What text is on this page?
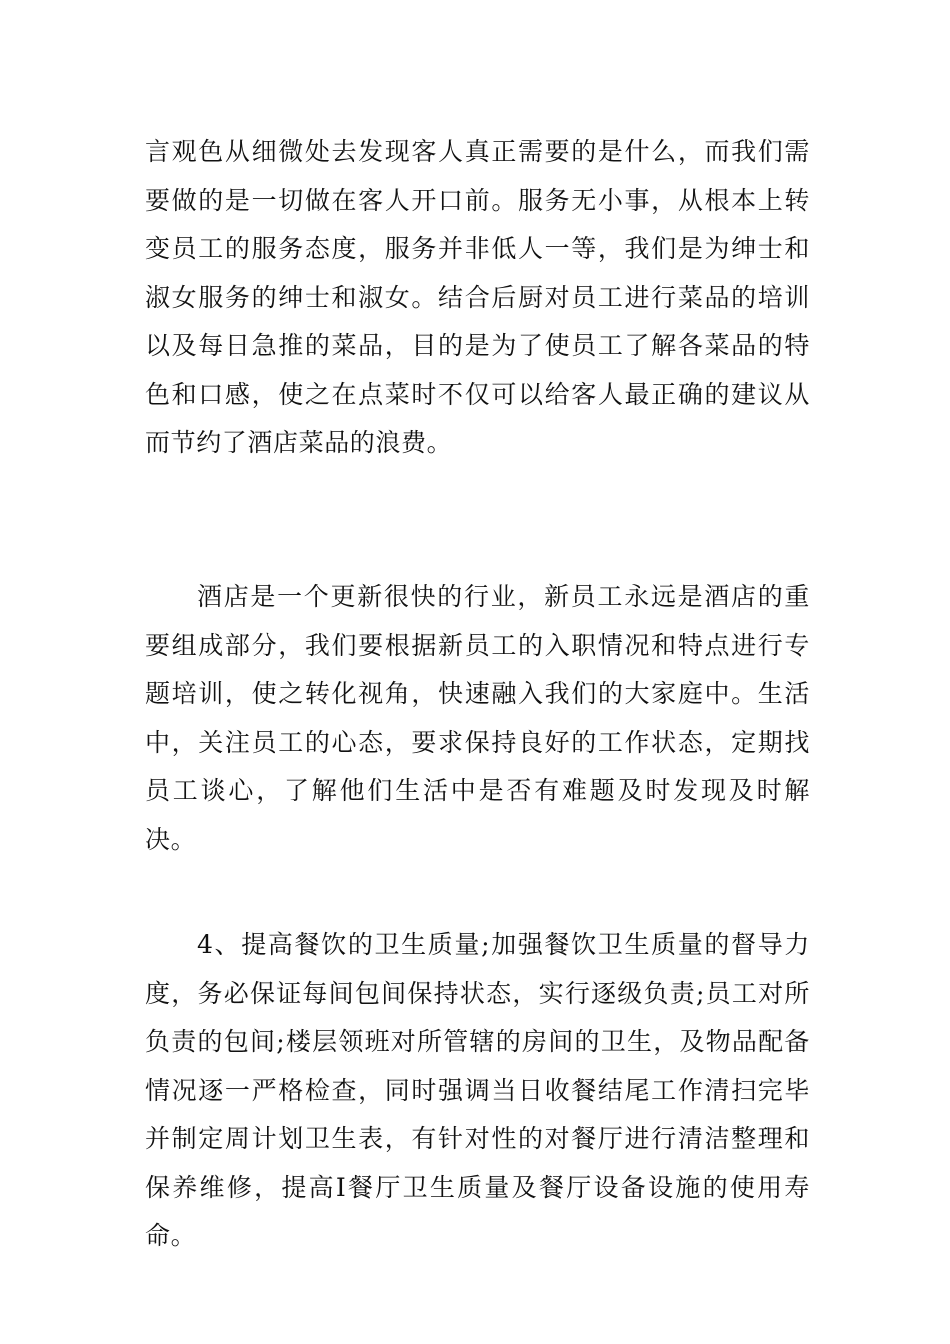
言观色从细微处去发现客人真正需要的是什么，而我们需要做的是一切做在客人开口前。服务无小事，从根本上转变员工的服务态度，服务并非低人一等，我们是为绅士和淑女服务的绅士和淑女。结合后厨对员工进行菜品的培训以及每日急推的菜品，目的是为了使员工了解各菜品的特色和口感，使之在点菜时不仅可以给客人最正确的建议从而节约了酒店菜品的浪费。

酒店是一个更新很快的行业，新员工永远是酒店的重要组成部分，我们要根据新员工的入职情况和特点进行专题培训，使之转化视角，快速融入我们的大家庭中。生活中，关注员工的心态，要求保持良好的工作状态，定期找员工谈心，了解他们生活中是否有难题及时发现及时解决。

4、提高餐饮的卫生质量;加强餐饮卫生质量的督导力度，务必保证每间包间保持状态，实行逐级负责;员工对所负责的包间;楼层领班对所管辖的房间的卫生，及物品配备情况逐一严格检查，同时强调当日收餐结尾工作清扫完毕并制定周计划卫生表，有针对性的对餐厅进行清洁整理和保养维修，提高Ⅰ餐厅卫生质量及餐厅设备设施的使用寿命。
